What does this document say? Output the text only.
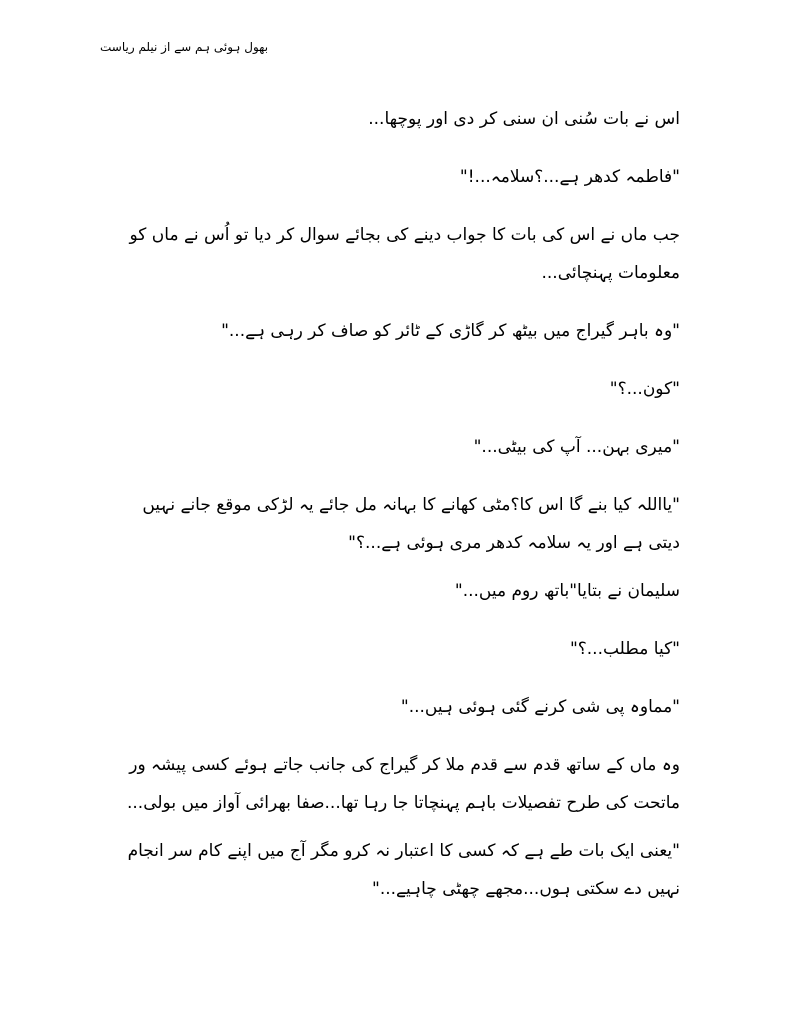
بھول ہوئی ہم سے از نیلم ریاست

اس نے بات سُنی ان سنی کر دی اور پوچھا...

"فاطمہ کدھر ہے...؟سلامہ...!"

جب ماں نے اس کی بات کا جواب دینے کی بجائے سوال کر دیا تو اُس نے ماں کو معلومات پہنچائی...

"وہ باہر گیراج میں بیٹھ کر گاڑی کے ٹائر کو صاف کر رہی ہے..."

"کون...؟"

"میری بہن... آپ کی بیٹی..."

"یااللہ کیا بنے گا اس کا؟مٹی کھانے کا بہانہ مل جائے یہ لڑکی موقع جانے نہیں دیتی ہے اور یہ سلامہ کدھر مری ہوئی ہے...؟"

سلیمان نے بتایا"باتھ روم میں..."

"کیا مطلب...؟"

"مماوہ پی شی کرنے گئی ہوئی ہیں..."

وہ ماں کے ساتھ قدم سے قدم ملا کر گیراج کی جانب جاتے ہوئے کسی پیشہ ور ماتحت کی طرح تفصیلات باہم پہنچاتا جا رہا تھا...صفا بھرائی آواز میں بولی...

"یعنی ایک بات طے ہے کہ کسی کا اعتبار نہ کرو مگر آج میں اپنے کام سر انجام نہیں دے سکتی ہوں...مجھے چھٹی چاہیے..."
